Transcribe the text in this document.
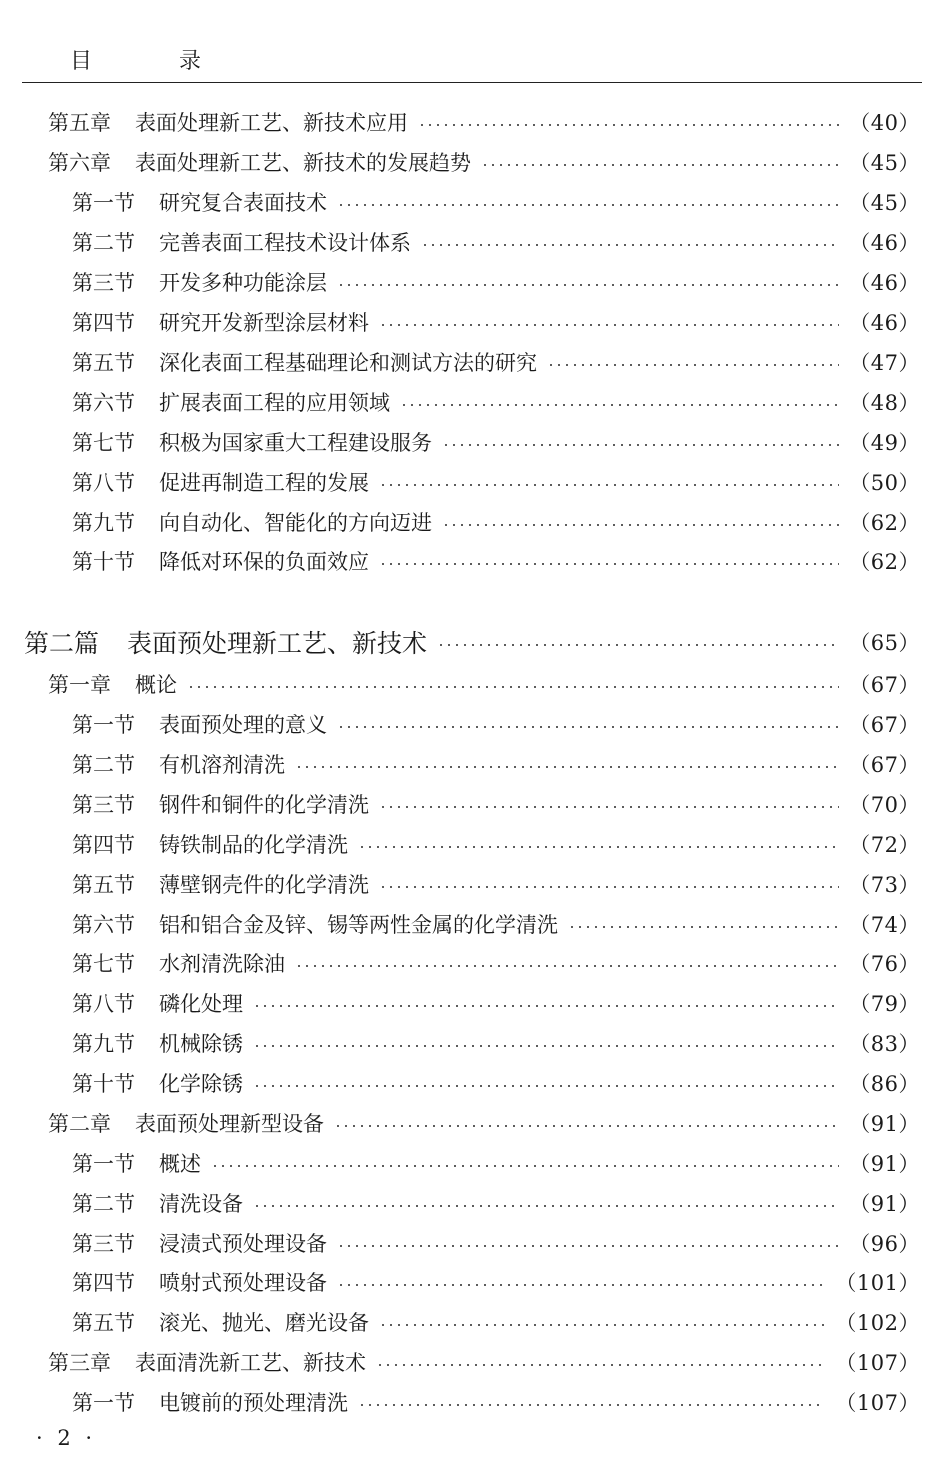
目 录
第五章 表面处理新工艺、新技术应用	（40）
第六章 表面处理新工艺、新技术的发展趋势	（45）
第一节 研究复合表面技术	（45）
第二节 完善表面工程技术设计体系	（46）
第三节 开发多种功能涂层	（46）
第四节 研究开发新型涂层材料	（46）
第五节 深化表面工程基础理论和测试方法的研究	（47）
第六节 扩展表面工程的应用领域	（48）
第七节 积极为国家重大工程建设服务	（49）
第八节 促进再制造工程的发展	（50）
第九节 向自动化、智能化的方向迈进	（62）
第十节 降低对环保的负面效应	（62）
第二篇 表面预处理新工艺、新技术	（65）
第一章 概论	（67）
第一节 表面预处理的意义	（67）
第二节 有机溶剂清洗	（67）
第三节 钢件和铜件的化学清洗	（70）
第四节 铸铁制品的化学清洗	（72）
第五节 薄壁钢壳件的化学清洗	（73）
第六节 铝和铝合金及锌、锡等两性金属的化学清洗	（74）
第七节 水剂清洗除油	（76）
第八节 磷化处理	（79）
第九节 机械除锈	（83）
第十节 化学除锈	（86）
第二章 表面预处理新型设备	（91）
第一节 概述	（91）
第二节 清洗设备	（91）
第三节 浸渍式预处理设备	（96）
第四节 喷射式预处理设备	（101）
第五节 滚光、抛光、磨光设备	（102）
第三章 表面清洗新工艺、新技术	（107）
第一节 电镀前的预处理清洗	（107）
· 2 ·
